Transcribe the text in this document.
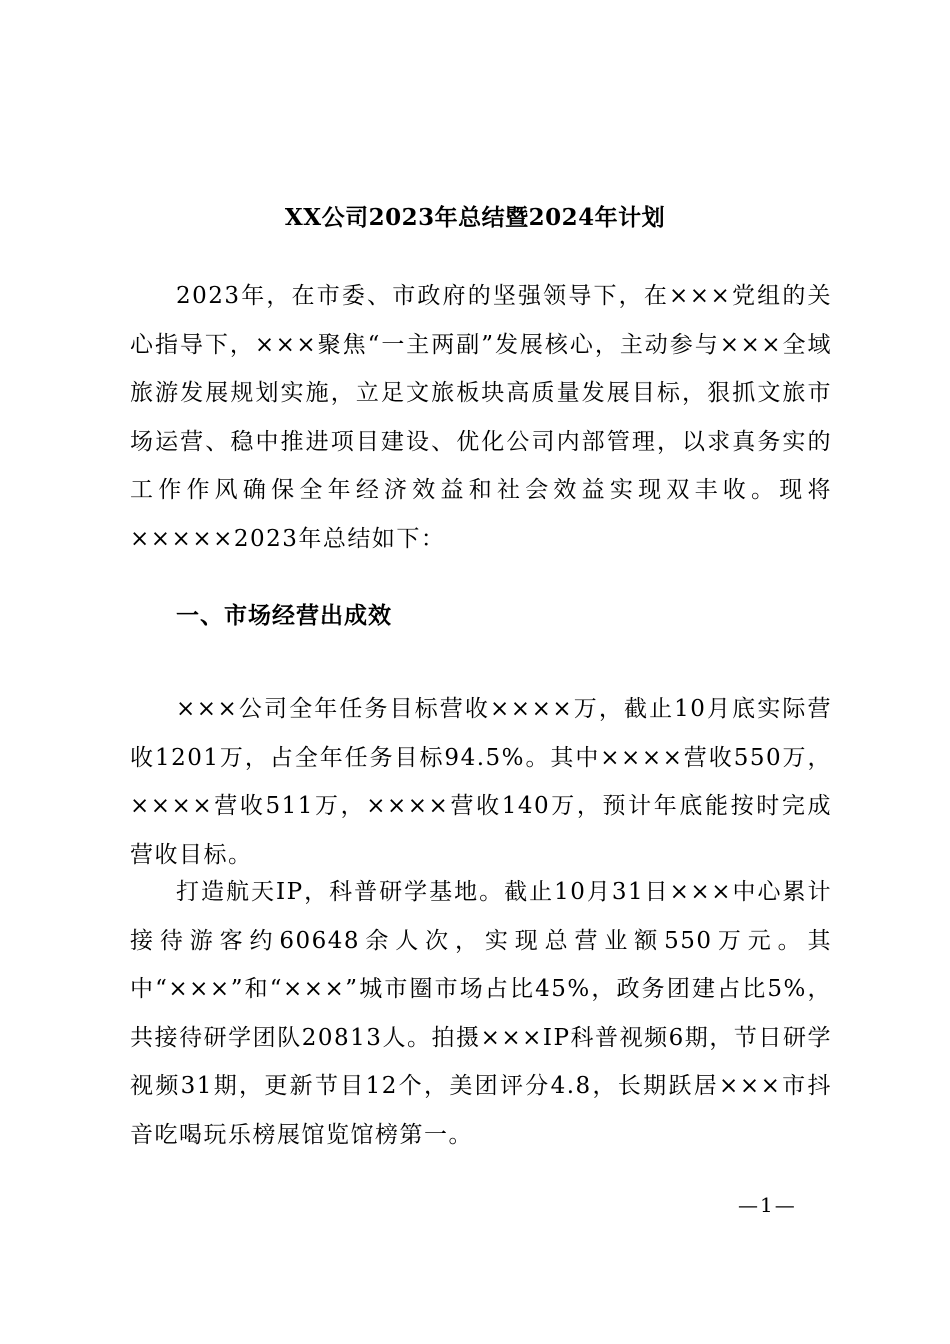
XX公司2023年总结暨2024年计划

2023年，在市委、市政府的坚强领导下，在×××党组的关心指导下，×××聚焦“一主两副”发展核心，主动参与×××全域旅游发展规划实施，立足文旅板块高质量发展目标，狠抓文旅市场运营、稳中推进项目建设、优化公司内部管理，以求真务实的工作作风确保全年经济效益和社会效益实现双丰收。现将×××××2023年总结如下：

一、市场经营出成效

×××公司全年任务目标营收××××万，截止10月底实际营收1201万，占全年任务目标94.5%。其中××××营收550万，××××营收511万，××××营收140万，预计年底能按时完成营收目标。

打造航天IP，科普研学基地。截止10月31日×××中心累计接待游客约60648余人次，实现总营业额550万元。其中“×××”和“×××”城市圈市场占比45%，政务团建占比5%，共接待研学团队20813人。拍摄×××IP科普视频6期，节日研学视频31期，更新节目12个，美团评分4.8，长期跃居×××市抖音吃喝玩乐榜展馆览馆榜第一。

—1—
